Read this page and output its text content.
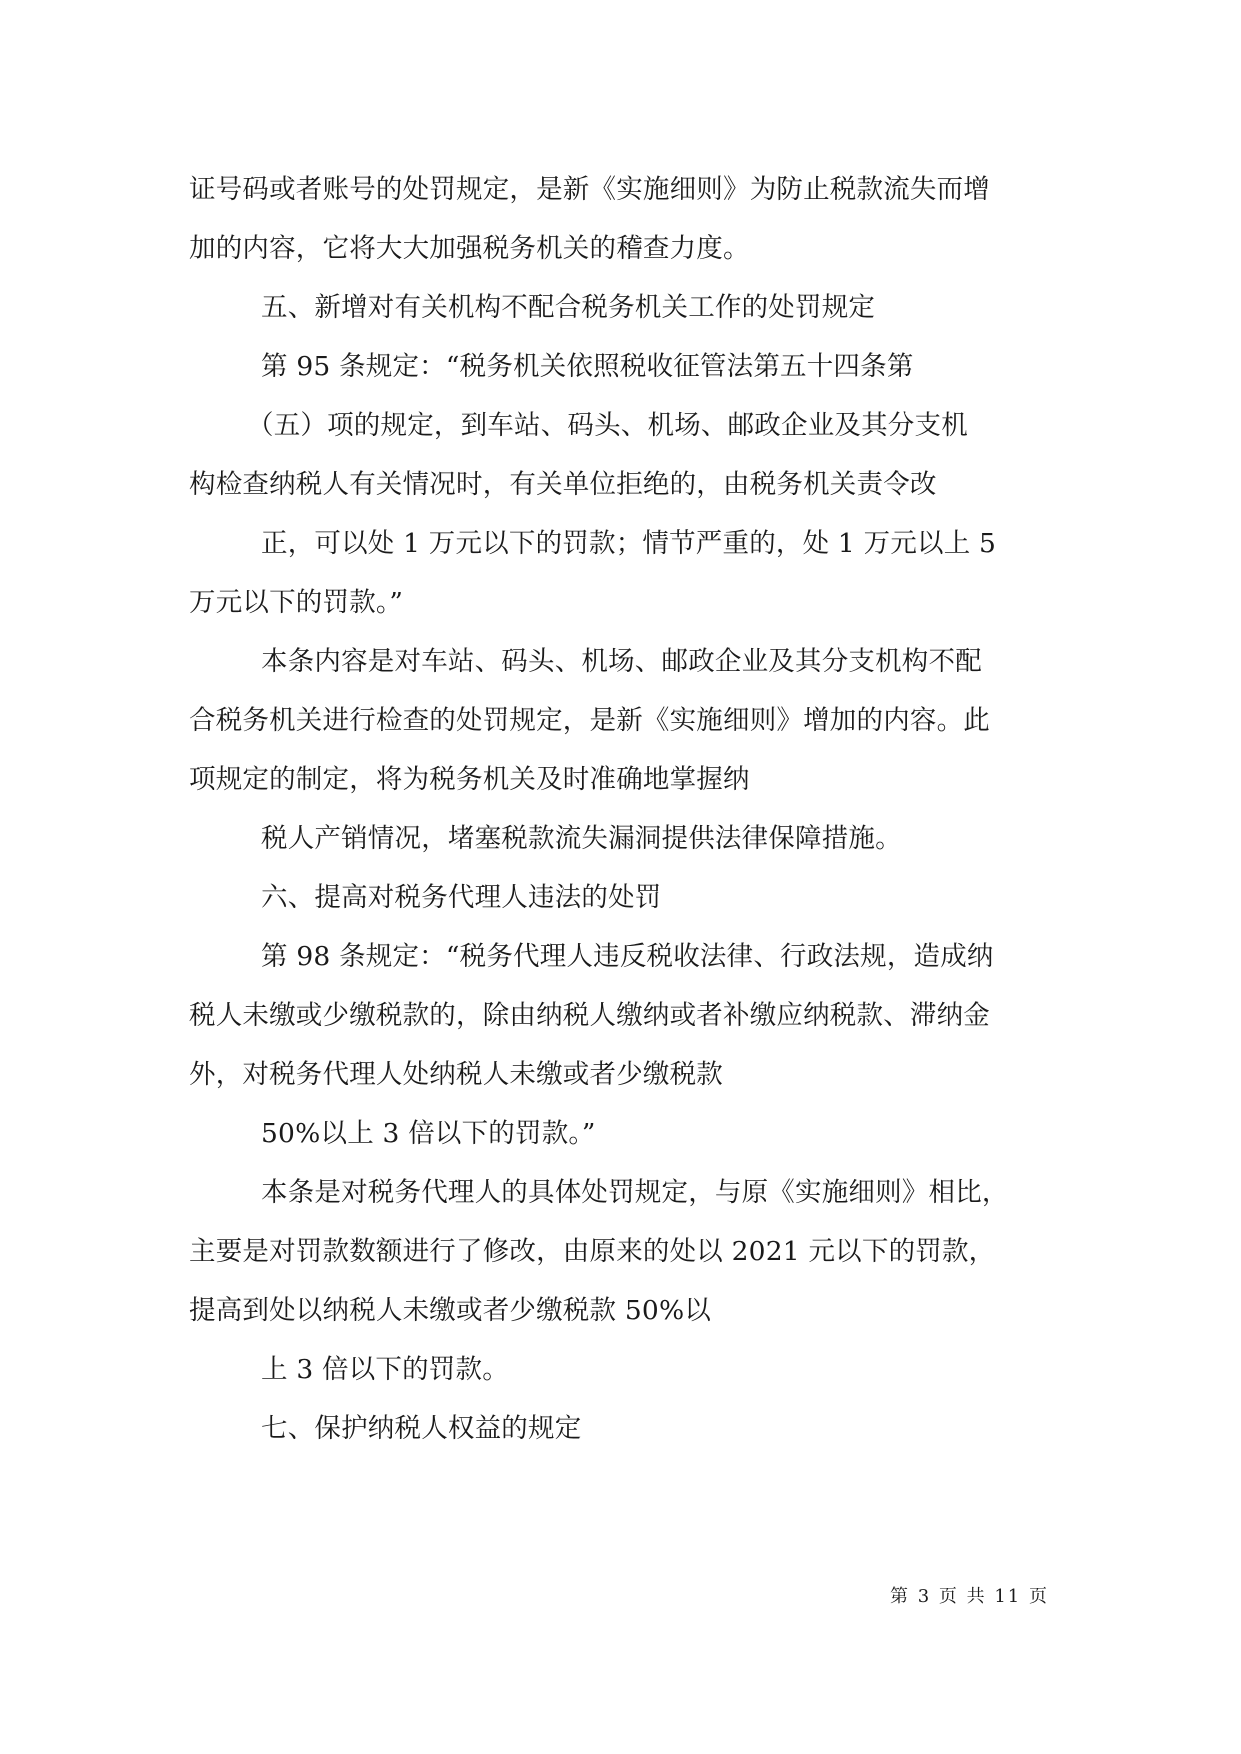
证号码或者账号的处罚规定，是新《实施细则》为防止税款流失而增
加的内容，它将大大加强税务机关的稽查力度。
五、新增对有关机构不配合税务机关工作的处罚规定
第 95 条规定：“税务机关依照税收征管法第五十四条第
（五）项的规定，到车站、码头、机场、邮政企业及其分支机
构检查纳税人有关情况时，有关单位拒绝的，由税务机关责令改
正，可以处 1 万元以下的罚款；情节严重的，处 1 万元以上 5
万元以下的罚款。”
本条内容是对车站、码头、机场、邮政企业及其分支机构不配
合税务机关进行检查的处罚规定，是新《实施细则》增加的内容。此
项规定的制定，将为税务机关及时准确地掌握纳
税人产销情况，堵塞税款流失漏洞提供法律保障措施。
六、提高对税务代理人违法的处罚
第 98 条规定：“税务代理人违反税收法律、行政法规，造成纳
税人未缴或少缴税款的，除由纳税人缴纳或者补缴应纳税款、滞纳金
外，对税务代理人处纳税人未缴或者少缴税款
50%以上 3 倍以下的罚款。”
本条是对税务代理人的具体处罚规定，与原《实施细则》相比，
主要是对罚款数额进行了修改，由原来的处以 2021 元以下的罚款，
提高到处以纳税人未缴或者少缴税款 50%以
上 3 倍以下的罚款。
七、保护纳税人权益的规定
第 3 页 共 11 页
